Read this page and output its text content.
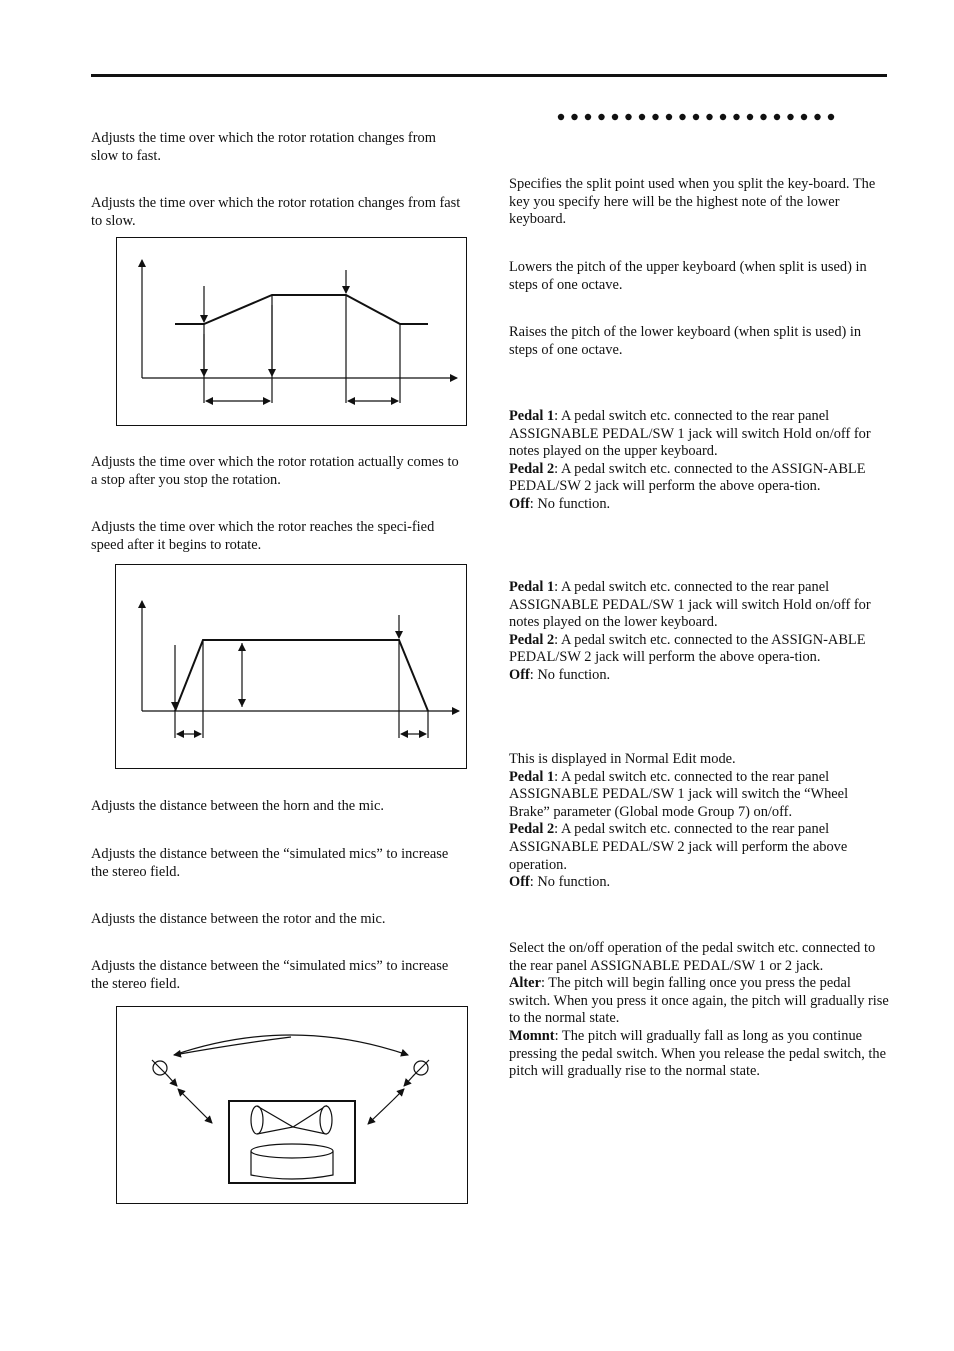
Adjusts the time over which the rotor rotation changes from slow to fast.

Adjusts the time over which the rotor rotation changes from fast to slow.

Adjusts the time over which the rotor rotation actually comes to a stop after you stop the rotation.

Adjusts the time over which the rotor reaches the speci-fied speed after it begins to rotate.

Adjusts the distance between the horn and the mic.

Adjusts the distance between the “simulated mics” to increase the stereo field.

Adjusts the distance between the rotor and the mic.

Adjusts the distance between the “simulated mics” to increase the stereo field.

Specifies the split point used when you split the key-board. The key you specify here will be the highest note of the lower keyboard.

Lowers the pitch of the upper keyboard (when split is used) in steps of one octave.

Raises the pitch of the lower keyboard (when split is used) in steps of one octave.

Pedal 1: A pedal switch etc. connected to the rear panel ASSIGNABLE PEDAL/SW 1 jack will switch Hold on/off for notes played on the upper keyboard.
Pedal 2: A pedal switch etc. connected to the ASSIGN-ABLE PEDAL/SW 2 jack will perform the above opera-tion.
Off: No function.
Pedal 1: A pedal switch etc. connected to the rear panel ASSIGNABLE PEDAL/SW 1 jack will switch Hold on/off for notes played on the lower keyboard.
Pedal 2: A pedal switch etc. connected to the ASSIGN-ABLE PEDAL/SW 2 jack will perform the above opera-tion.
Off: No function.
This is displayed in Normal Edit mode.
Pedal 1: A pedal switch etc. connected to the rear panel ASSIGNABLE PEDAL/SW 1 jack will switch the “Wheel Brake” parameter (Global mode Group 7) on/off.
Pedal 2: A pedal switch etc. connected to the rear panel ASSIGNABLE PEDAL/SW 2 jack will perform the above operation.
Off: No function.
Select the on/off operation of the pedal switch etc. connected to the rear panel ASSIGNABLE PEDAL/SW 1 or 2 jack.
Alter: The pitch will begin falling once you press the pedal switch. When you press it once again, the pitch will gradually rise to the normal state.
Momnt: The pitch will gradually fall as long as you continue pressing the pedal switch. When you release the pedal switch, the pitch will gradually rise to the normal state.
